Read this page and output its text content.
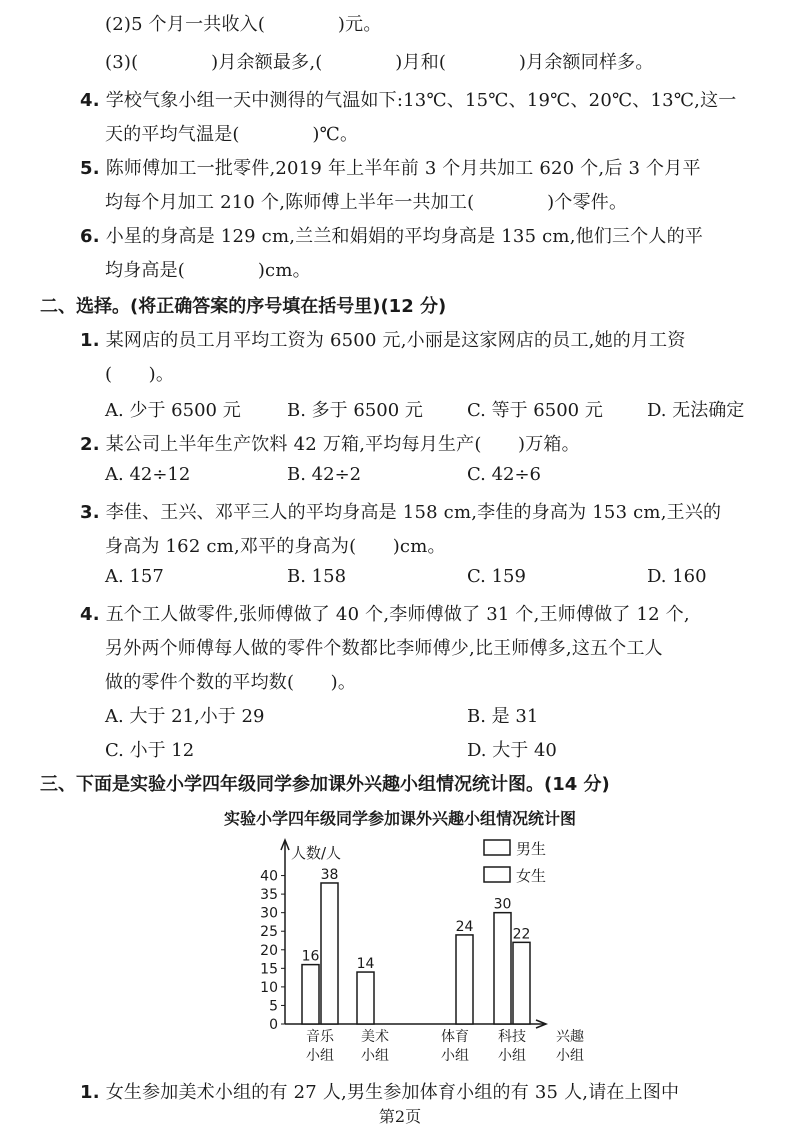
(2)5 个月一共收入(　　　　)元。
(3)(　　　　)月余额最多,(　　　　)月和(　　　　)月余额同样多。
4. 学校气象小组一天中测得的气温如下:13℃、15℃、19℃、20℃、13℃,这一
天的平均气温是(　　　　)℃。
5. 陈师傅加工一批零件,2019 年上半年前 3 个月共加工 620 个,后 3 个月平
均每个月加工 210 个,陈师傅上半年一共加工(　　　　)个零件。
6. 小星的身高是 129 cm,兰兰和娟娟的平均身高是 135 cm,他们三个人的平
均身高是(　　　　)cm。
二、选择。(将正确答案的序号填在括号里)(12 分)
1. 某网店的员工月平均工资为 6500 元,小丽是这家网店的员工,她的月工资
(　　)。
A. 少于 6500 元	B. 多于 6500 元 C. 等于 6500 元 D. 无法确定
2. 某公司上半年生产饮料 42 万箱,平均每月生产(　　)万箱。
A. 42÷12	B. 42÷2	C. 42÷6
3. 李佳、王兴、邓平三人的平均身高是 158 cm,李佳的身高为 153 cm,王兴的
身高为 162 cm,邓平的身高为(　　)cm。
A. 157	B. 158	C. 159	D. 160
4. 五个工人做零件,张师傅做了 40 个,李师傅做了 31 个,王师傅做了 12 个,
另外两个师傅每人做的零件个数都比李师傅少,比王师傅多,这五个工人
做的零件个数的平均数(　　)。
A. 大于 21,小于 29	B. 是 31
C. 小于 12	D. 大于 40
三、下面是实验小学四年级同学参加课外兴趣小组情况统计图。(14 分)
实验小学四年级同学参加课外兴趣小组情况统计图
人数/人
0
5
10
15
20
25
30
35
40
16
38
音乐
小组
14
美术
小组
24
体育
小组
30
22
科技
小组
兴趣
小组
男生
女生
1. 女生参加美术小组的有 27 人,男生参加体育小组的有 35 人,请在上图中
第2页
